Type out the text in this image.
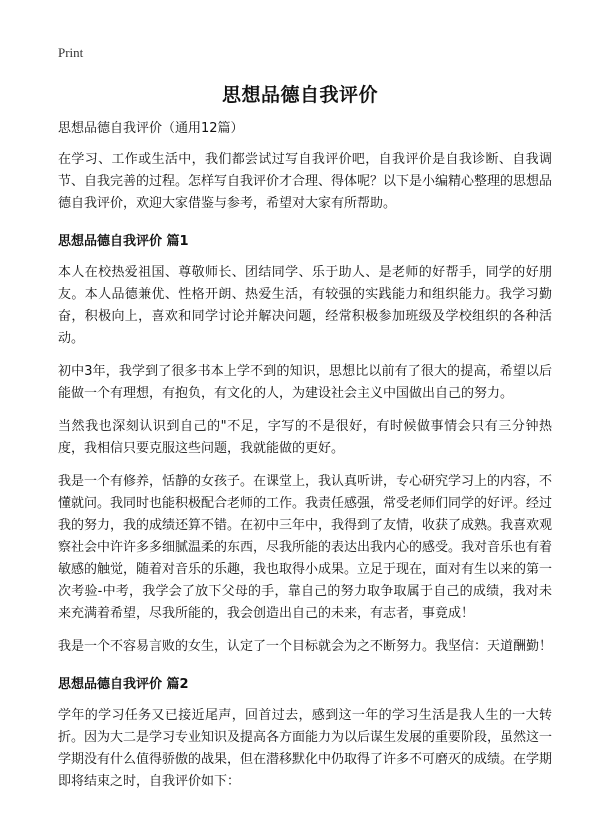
Print
思想品德自我评价

思想品德自我评价（通用12篇）

在学习、工作或生活中，我们都尝试过写自我评价吧，自我评价是自我诊断、自我调节、自我完善的过程。怎样写自我评价才合理、得体呢？以下是小编精心整理的思想品德自我评价，欢迎大家借鉴与参考，希望对大家有所帮助。

思想品德自我评价 篇1

本人在校热爱祖国、尊敬师长、团结同学、乐于助人、是老师的好帮手，同学的好朋友。本人品德兼优、性格开朗、热爱生活，有较强的实践能力和组织能力。我学习勤奋，积极向上，喜欢和同学讨论并解决问题，经常积极参加班级及学校组织的各种活动。

初中3年，我学到了很多书本上学不到的知识，思想比以前有了很大的提高，希望以后能做一个有理想，有抱负，有文化的人，为建设社会主义中国做出自己的努力。

当然我也深刻认识到自己的"不足，字写的不是很好，有时候做事情会只有三分钟热度，我相信只要克服这些问题，我就能做的更好。

我是一个有修养，恬静的女孩子。在课堂上，我认真听讲，专心研究学习上的内容，不懂就问。我同时也能积极配合老师的工作。我责任感强，常受老师们同学的好评。经过我的努力，我的成绩还算不错。在初中三年中，我得到了友情，收获了成熟。我喜欢观察社会中许许多多细腻温柔的东西，尽我所能的表达出我内心的感受。我对音乐也有着敏感的触觉，随着对音乐的乐趣，我也取得小成果。立足于现在，面对有生以来的第一次考验-中考，我学会了放下父母的手，靠自己的努力取争取属于自己的成绩，我对未来充满着希望，尽我所能的，我会创造出自己的未来，有志者，事竟成！

我是一个不容易言败的女生，认定了一个目标就会为之不断努力。我坚信：天道酬勤！

思想品德自我评价 篇2

学年的学习任务又已接近尾声，回首过去，感到这一年的学习生活是我人生的一大转折。因为大二是学习专业知识及提高各方面能力为以后谋生发展的重要阶段，虽然这一学期没有什么值得骄傲的战果，但在潜移默化中仍取得了许多不可磨灭的成绩。在学期即将结束之时，自我评价如下：
